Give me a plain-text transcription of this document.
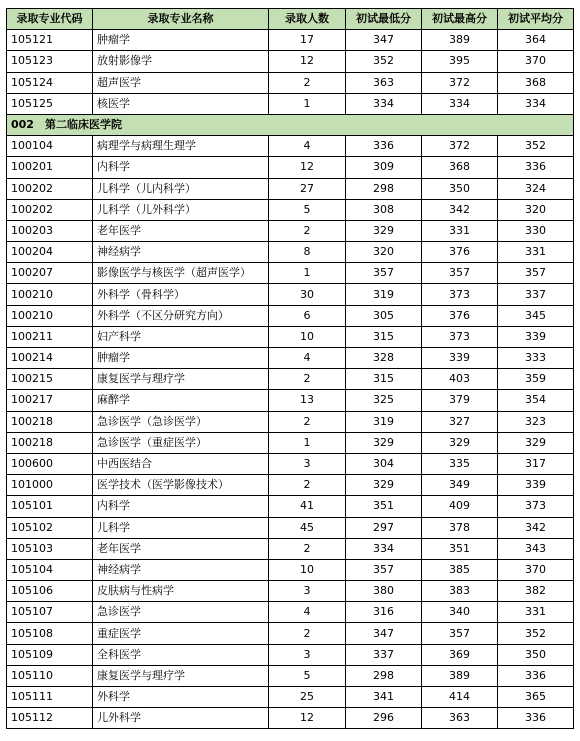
录取专业代码	录取专业名称	录取人数	初试最低分	初试最高分	初试平均分
105121	肿瘤学	17	347	389	364
105123	放射影像学	12	352	395	370
105124	超声医学	2	363	372	368
105125	核医学	1	334	334	334
002　第二临床医学院					
100104	病理学与病理生理学	4	336	372	352
100201	内科学	12	309	368	336
100202	儿科学（儿内科学）	27	298	350	324
100202	儿科学（儿外科学）	5	308	342	320
100203	老年医学	2	329	331	330
100204	神经病学	8	320	376	331
100207	影像医学与核医学（超声医学）	1	357	357	357
100210	外科学（骨科学）	30	319	373	337
100210	外科学（不区分研究方向）	6	305	376	345
100211	妇产科学	10	315	373	339
100214	肿瘤学	4	328	339	333
100215	康复医学与理疗学	2	315	403	359
100217	麻醉学	13	325	379	354
100218	急诊医学（急诊医学）	2	319	327	323
100218	急诊医学（重症医学）	1	329	329	329
100600	中西医结合	3	304	335	317
101000	医学技术（医学影像技术）	2	329	349	339
105101	内科学	41	351	409	373
105102	儿科学	45	297	378	342
105103	老年医学	2	334	351	343
105104	神经病学	10	357	385	370
105106	皮肤病与性病学	3	380	383	382
105107	急诊医学	4	316	340	331
105108	重症医学	2	347	357	352
105109	全科医学	3	337	369	350
105110	康复医学与理疗学	5	298	389	336
105111	外科学	25	341	414	365
105112	儿外科学	12	296	363	336
